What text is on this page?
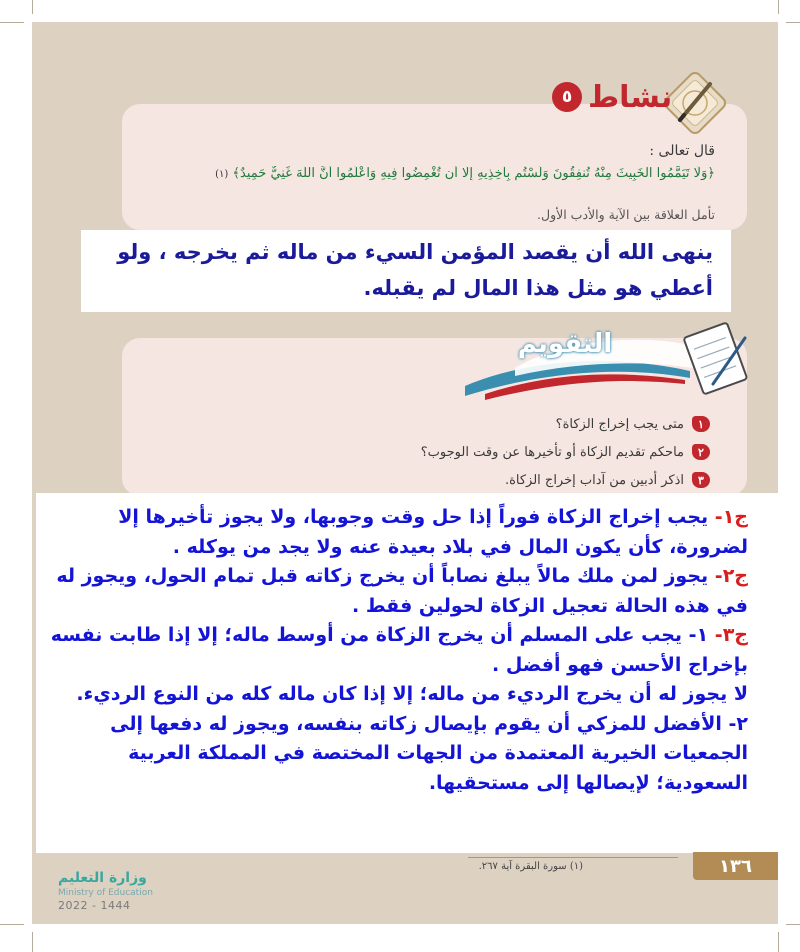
نشاط
٥
قال تعالى :
﴿وَلَا تَيَمَّمُوا الْخَبِيثَ مِنْهُ تُنفِقُونَ وَلَسْتُم بِآخِذِيهِ إِلَّا أَن تُغْمِضُوا فِيهِ وَاعْلَمُوا أَنَّ اللَّهَ غَنِيٌّ حَمِيدٌ﴾ (١)
تأمل العلاقة بين الآية والأدب الأول.
ينهى الله أن يقصد المؤمن السيء من ماله ثم يخرجه ، ولو أعطي هو مثل هذا المال لم يقبله.
التقويم
١
متى يجب إخراج الزكاة؟
٢
ماحكم تقديم الزكاة أو تأخيرها عن وقت الوجوب؟
٣
اذكر أدبين من آداب إخراج الزكاة.

ج١- يجب إخراج الزكاة فوراً إذا حل وقت وجوبها، ولا يجوز تأخيرها إلا لضرورة، كأن يكون المال في بلاد بعيدة عنه ولا يجد من يوكله .

ج٢- يجوز لمن ملك مالاً يبلغ نصاباً أن يخرج زكاته قبل تمام الحول، ويجوز له في هذه الحالة تعجيل الزكاة لحولين فقط .

ج٣- ١- يجب على المسلم أن يخرج الزكاة من أوسط ماله؛ إلا إذا طابت نفسه بإخراج الأحسن فهو أفضل .

لا يجوز له أن يخرج الرديء من ماله؛ إلا إذا كان ماله كله من النوع الرديء.

٢- الأفضل للمزكي أن يقوم بإيصال زكاته بنفسه، ويجوز له دفعها إلى الجمعيات الخيرية المعتمدة من الجهات المختصة في المملكة العربية السعودية؛ لإيصالها إلى مستحقيها.

(١) سورة البقرة آية ٢٦٧.	١٣٦
وزارة التعليم
Ministry of Education
2022 - 1444
